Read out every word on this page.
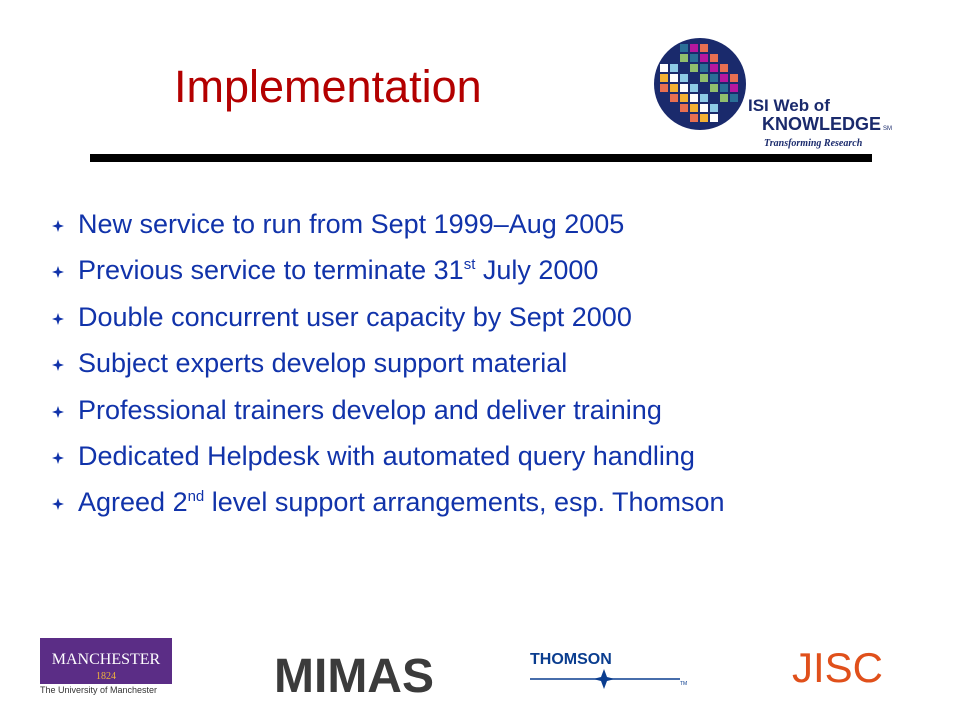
Implementation	ISI Web of
KNOWLEDGE SM
Transforming Research
New service to run from Sept 1999–Aug 2005
Previous service to terminate 31st July 2000
Double concurrent user capacity by Sept 2000
Subject experts develop support material
Professional trainers develop and deliver training
Dedicated Helpdesk with automated query handling
Agreed 2nd level support arrangements, esp. Thomson
MANCHESTER
1824
The University of Manchester MIMAS	THOMSON
TM JISC
